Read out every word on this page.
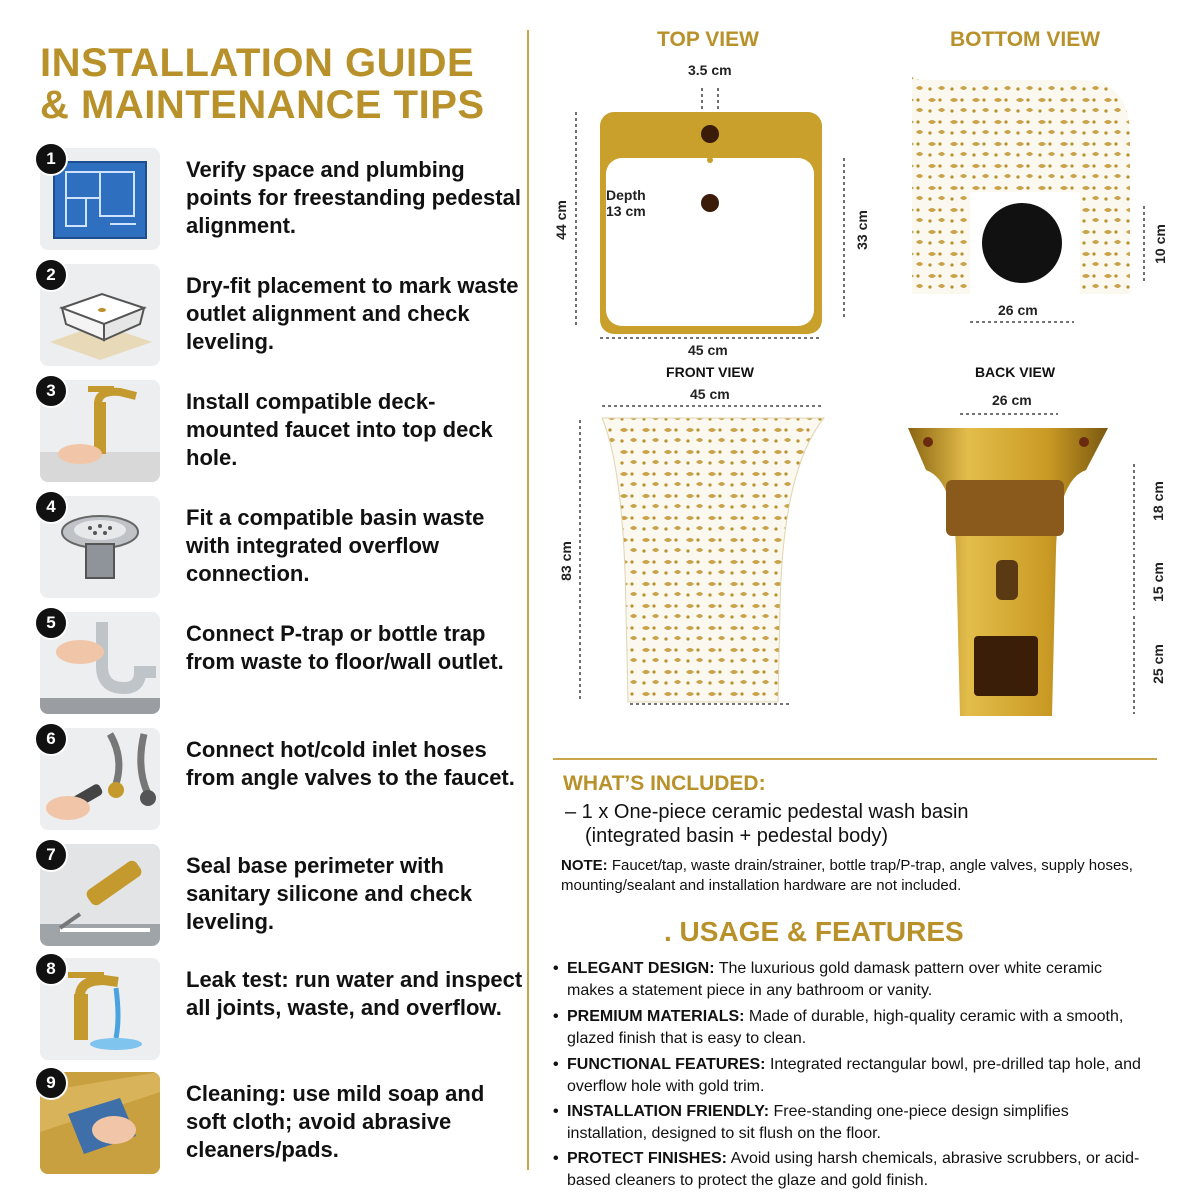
INSTALLATION GUIDE
& MAINTENANCE TIPS
1	Verify space and plumbing points for freestanding pedestal alignment.
2	Dry-fit placement to mark waste outlet alignment and check leveling.
3	Install compatible deck-mounted faucet into top deck hole.
4	Fit a compatible basin waste with integrated overflow connection.
5	Connect P-trap or bottle trap from waste to floor/wall outlet.
6	Connect hot/cold inlet hoses from angle valves to the faucet.
7	Seal base perimeter with sanitary silicone and check leveling.
8	Leak test: run water and inspect all joints, waste, and overflow.
9	Cleaning: use mild soap and soft cloth; avoid abrasive cleaners/pads.
TOP VIEW	BOTTOM VIEW
3.5 cm
Depth
13 cm
44 cm	33 cm
45 cm
10 cm
26 cm
FRONT VIEW
45 cm
83 cm
BACK VIEW
26 cm
18 cm
15 cm
25 cm
WHAT’S INCLUDED:
– 1 x One-piece ceramic pedestal wash basin
(integrated basin + pedestal body)
NOTE: Faucet/tap, waste drain/strainer, bottle trap/P-trap, angle valves, supply hoses, mounting/sealant and installation hardware are not included.
. USAGE & FEATURES
• ELEGANT DESIGN: The luxurious gold damask pattern over white ceramic makes a statement piece in any bathroom or vanity.
• PREMIUM MATERIALS: Made of durable, high-quality ceramic with a smooth, glazed finish that is easy to clean.
• FUNCTIONAL FEATURES: Integrated rectangular bowl, pre-drilled tap hole, and overflow hole with gold trim.
• INSTALLATION FRIENDLY: Free-standing one-piece design simplifies installation, designed to sit flush on the floor.
• PROTECT FINISHES: Avoid using harsh chemicals, abrasive scrubbers, or acid-based cleaners to protect the glaze and gold finish.
